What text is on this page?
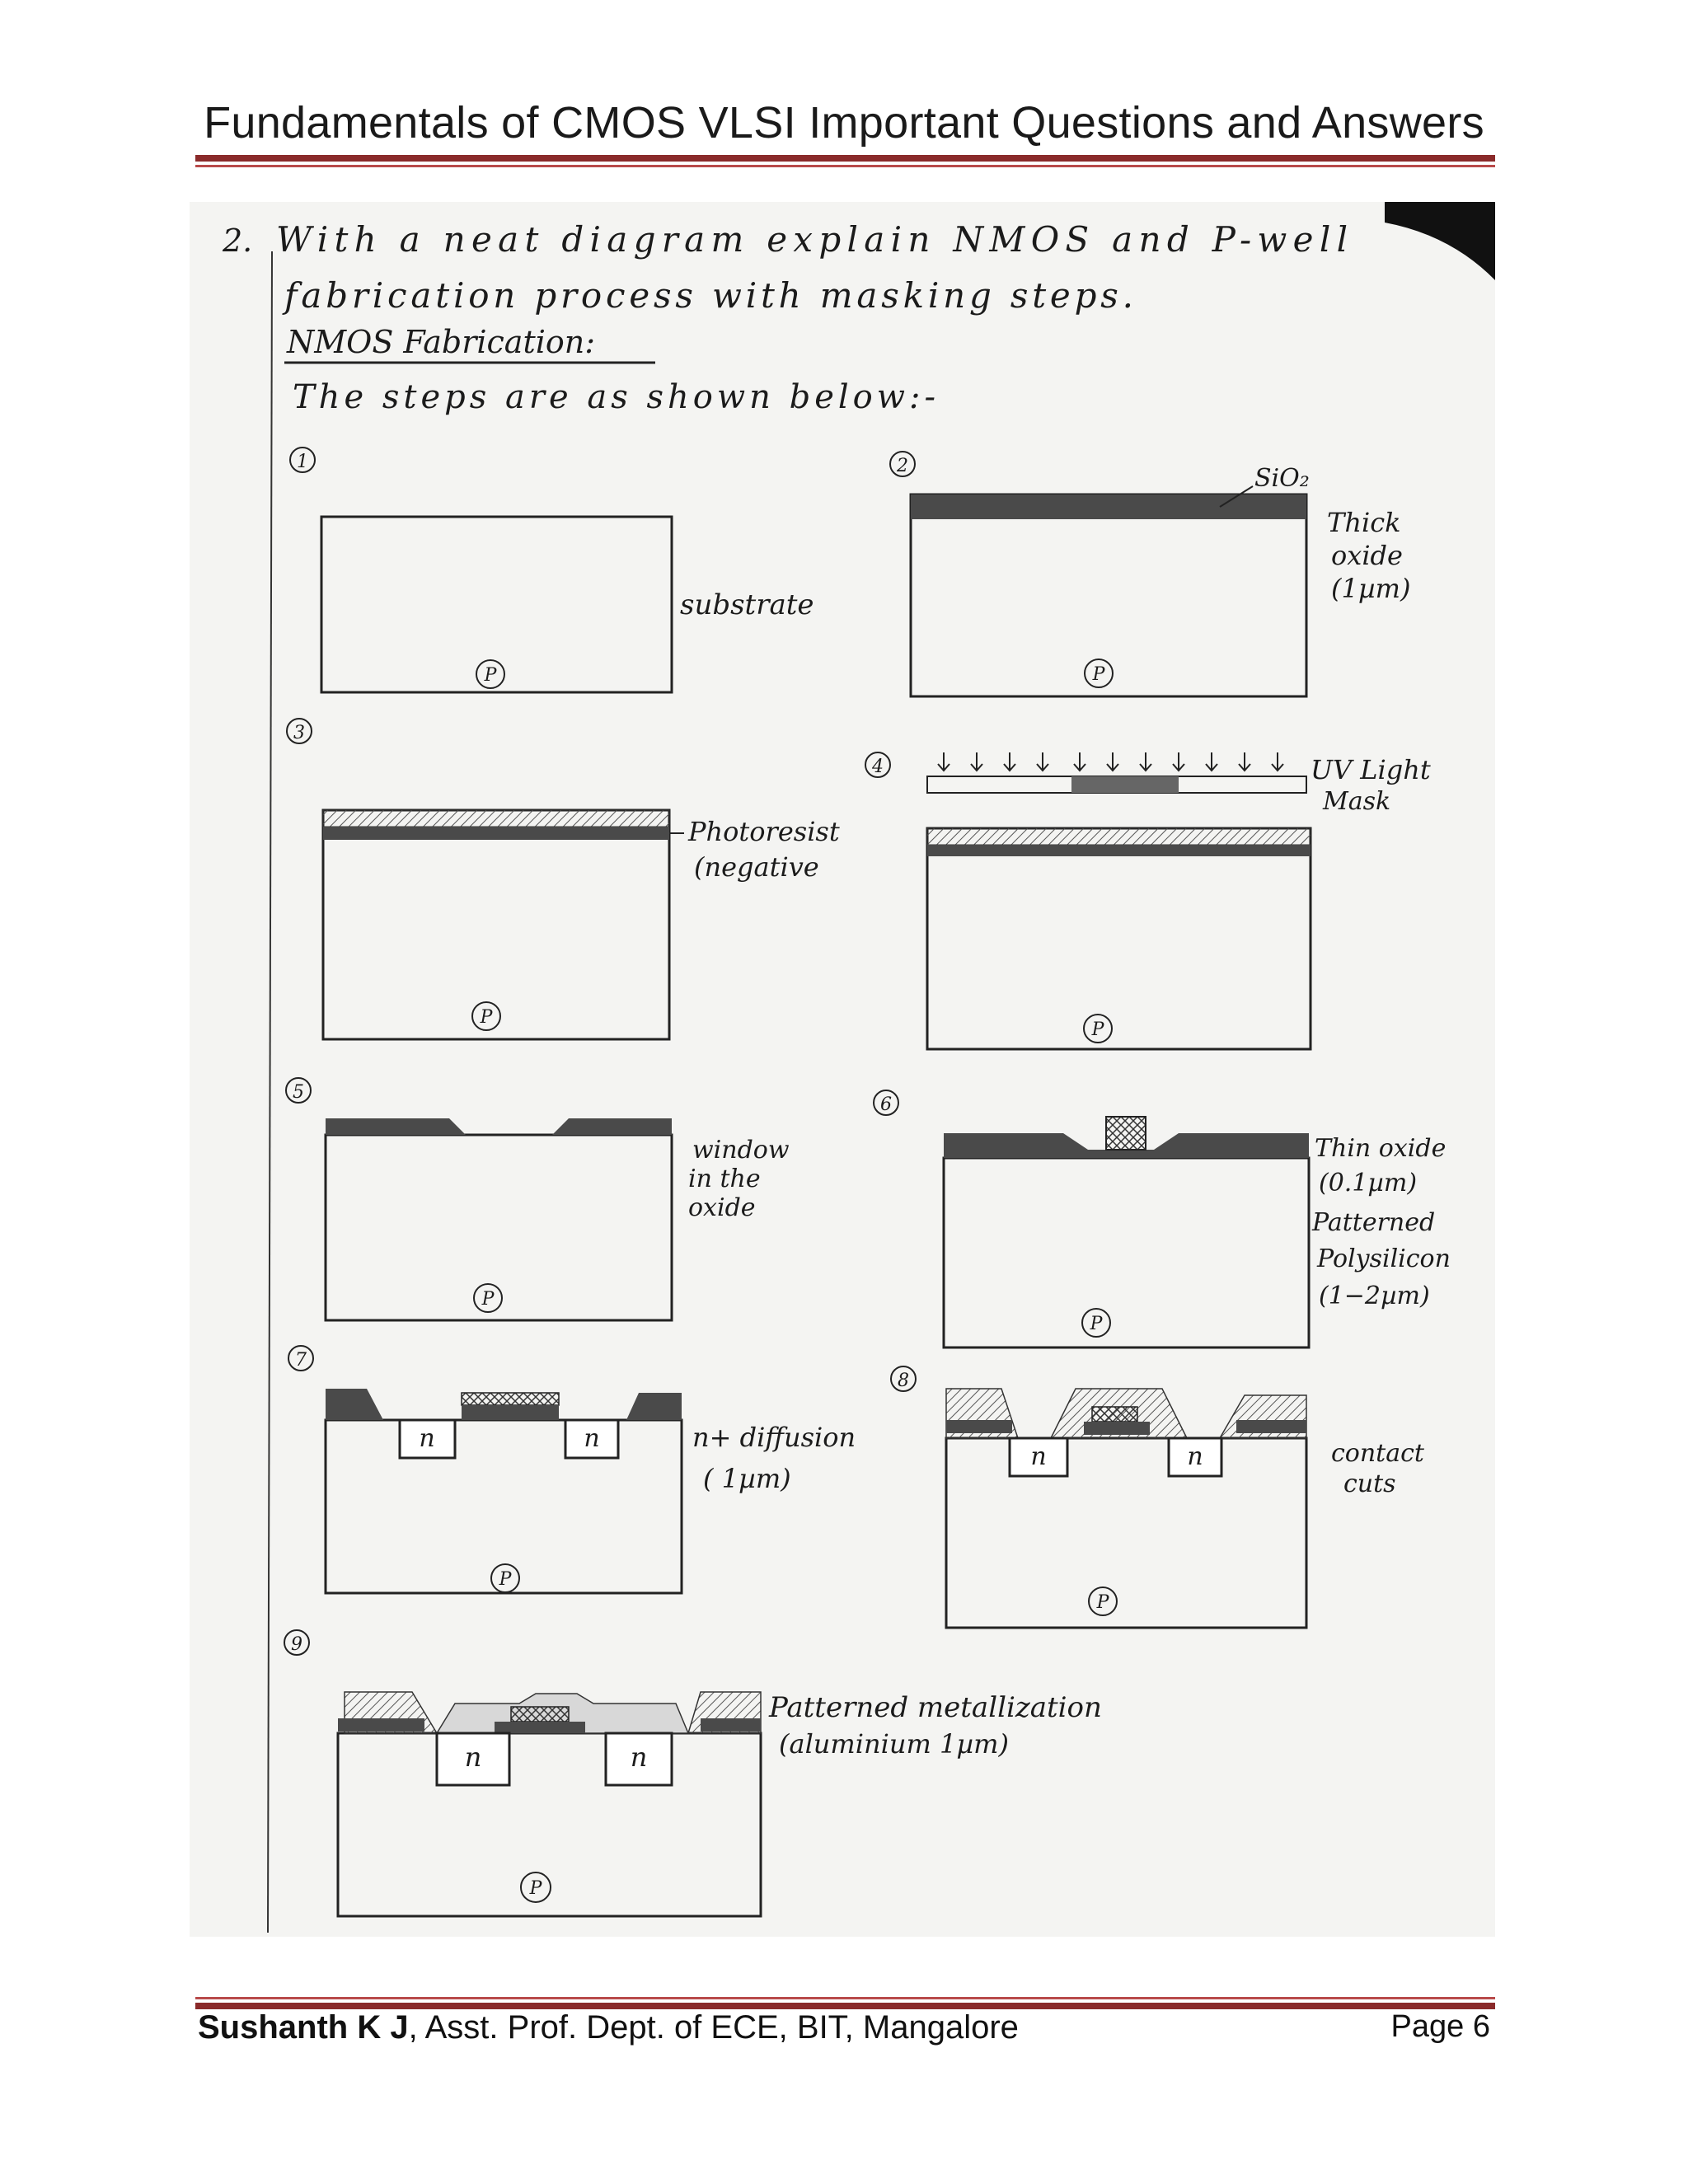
Fundamentals of CMOS VLSI Important Questions and Answers
2. With a neat diagram explain NMOS and P-well
fabrication process with masking steps.
NMOS Fabrication:
The steps are as shown below:-
1
P
substrate
2	SiO₂
P
Thick
oxide
(1µm)
3
P
Photoresist
(negative
4	UV Light
Mask
P
5
P
window
in the
oxide
6
P
Thin oxide
(0.1µm)
Patterned
Polysilicon
(1−2µm)
7
n	n
P
n+ diffusion
( 1µm)
8
n	n
P
contact
cuts
9
n	n
P
Patterned metallization
(aluminium 1µm)
Sushanth K J, Asst. Prof. Dept. of ECE, BIT, Mangalore	Page 6
